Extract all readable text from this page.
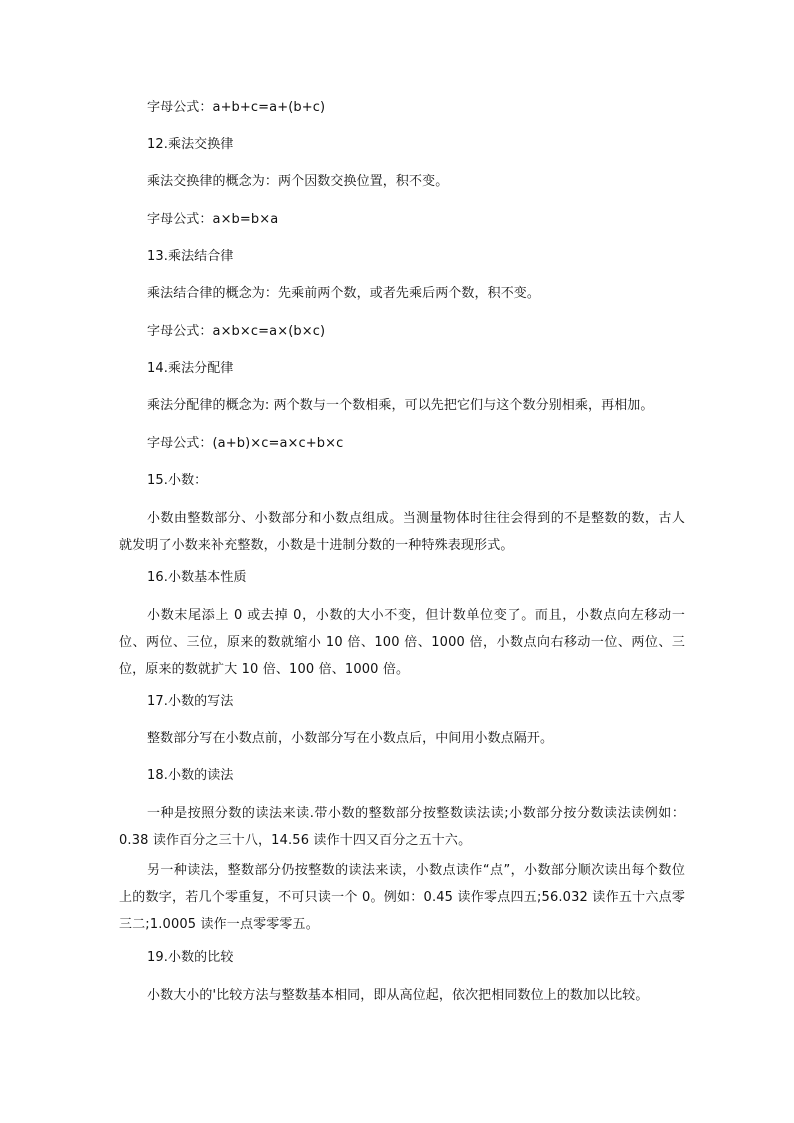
字母公式：a+b+c=a+(b+c)
12.乘法交换律
乘法交换律的概念为：两个因数交换位置，积不变。
字母公式：a×b=b×a
13.乘法结合律
乘法结合律的概念为：先乘前两个数，或者先乘后两个数，积不变。
字母公式：a×b×c=a×(b×c)
14.乘法分配律
乘法分配律的概念为: 两个数与一个数相乘，可以先把它们与这个数分别相乘，再相加。
字母公式：(a+b)×c=a×c+b×c
15.小数：
小数由整数部分、小数部分和小数点组成。当测量物体时往往会得到的不是整数的数，古人就发明了小数来补充整数，小数是十进制分数的一种特殊表现形式。
16.小数基本性质
小数末尾添上 0 或去掉 0，小数的大小不变，但计数单位变了。而且，小数点向左移动一位、两位、三位，原来的数就缩小 10 倍、100 倍、1000 倍，小数点向右移动一位、两位、三位，原来的数就扩大 10 倍、100 倍、1000 倍。
17.小数的写法
整数部分写在小数点前，小数部分写在小数点后，中间用小数点隔开。
18.小数的读法
一种是按照分数的读法来读.带小数的整数部分按整数读法读;小数部分按分数读法读例如：0.38 读作百分之三十八，14.56 读作十四又百分之五十六。
另一种读法，整数部分仍按整数的读法来读，小数点读作“点”，小数部分顺次读出每个数位上的数字，若几个零重复，不可只读一个 0。例如：0.45 读作零点四五;56.032 读作五十六点零三二;1.0005 读作一点零零零五。
19.小数的比较
小数大小的'比较方法与整数基本相同，即从高位起，依次把相同数位上的数加以比较。
